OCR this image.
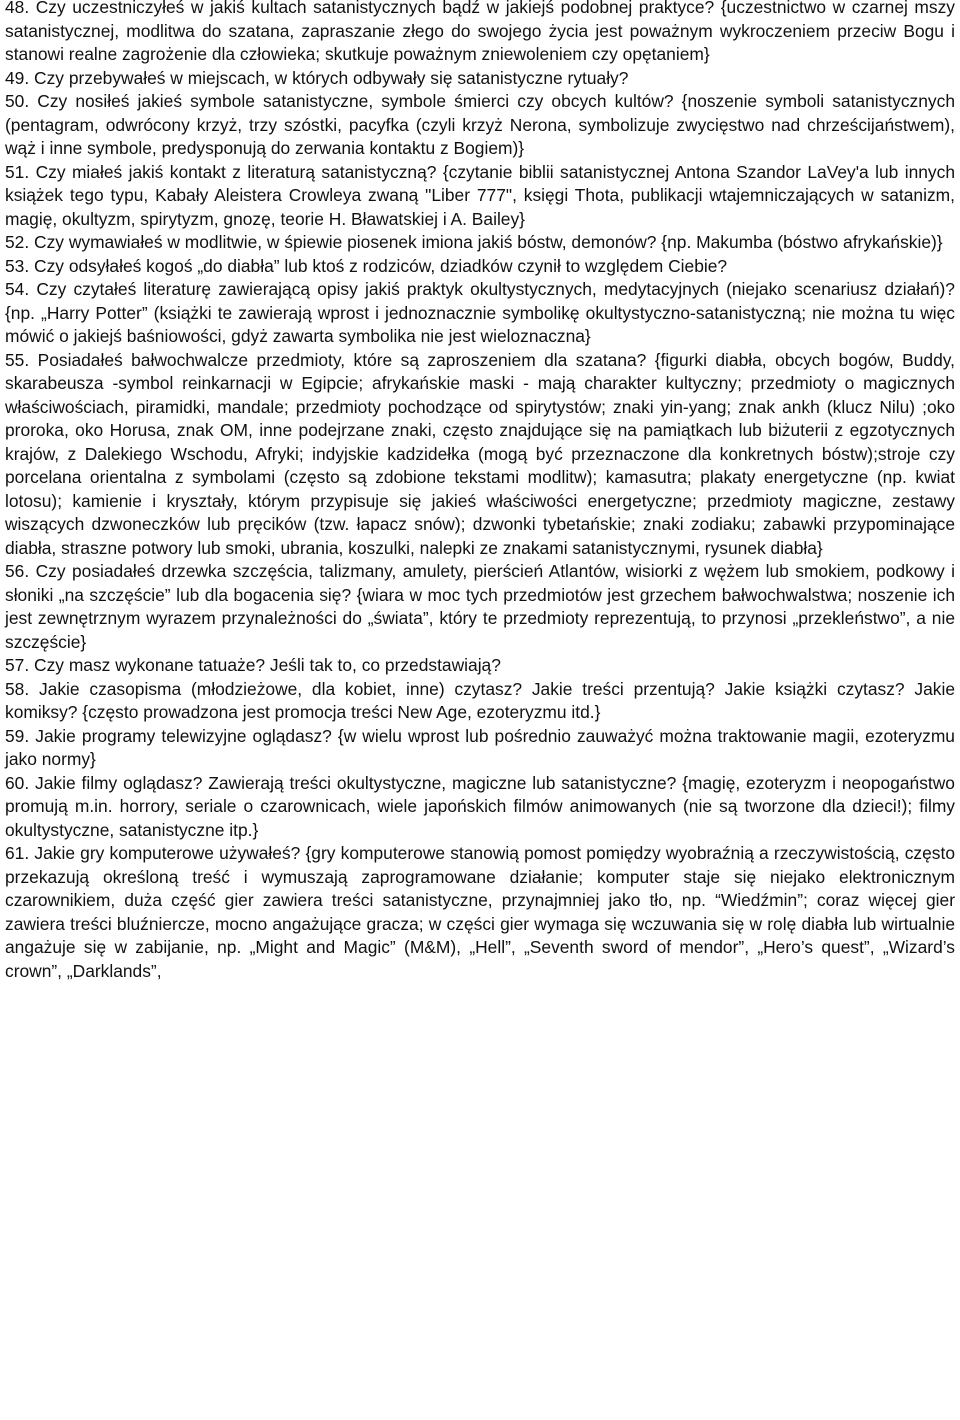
48. Czy uczestniczyłeś w jakiś kultach satanistycznych bądź w jakiejś podobnej praktyce? {uczestnictwo w czarnej mszy satanistycznej, modlitwa do szatana, zapraszanie złego do swojego życia jest poważnym wykroczeniem przeciw Bogu i stanowi realne zagrożenie dla człowieka; skutkuje poważnym zniewoleniem czy opętaniem}

49. Czy przebywałeś w miejscach, w których odbywały się satanistyczne rytuały?

50. Czy nosiłeś jakieś symbole satanistyczne, symbole śmierci czy obcych kultów? {noszenie symboli satanistycznych (pentagram, odwrócony krzyż, trzy szóstki, pacyfka (czyli krzyż Nerona, symbolizuje zwycięstwo nad chrześcijaństwem), wąż i inne symbole, predysponują do zerwania kontaktu z Bogiem)}

51. Czy miałeś jakiś kontakt z literaturą satanistyczną? {czytanie biblii satanistycznej Antona Szandor LaVey'a lub innych książek tego typu, Kabały Aleistera Crowleya zwaną "Liber 777", księgi Thota, publikacji wtajemniczających w satanizm, magię, okultyzm, spirytyzm, gnozę, teorie H. Bławatskiej i A. Bailey}

52. Czy wymawiałeś w modlitwie, w śpiewie piosenek imiona jakiś bóstw, demonów? {np. Makumba (bóstwo afrykańskie)}

53. Czy odsyłałeś kogoś „do diabła” lub ktoś z rodziców, dziadków czynił to względem Ciebie?

54. Czy czytałeś literaturę zawierającą opisy jakiś praktyk okultystycznych, medytacyjnych (niejako scenariusz działań)? {np. „Harry Potter” (książki te zawierają wprost i jednoznacznie symbolikę okultystyczno-satanistyczną; nie można tu więc mówić o jakiejś baśniowości, gdyż zawarta symbolika nie jest wieloznaczna}

55. Posiadałeś bałwochwalcze przedmioty, które są zaproszeniem dla szatana? {figurki diabła, obcych bogów, Buddy, skarabeusza -symbol reinkarnacji w Egipcie; afrykańskie maski - mają charakter kultyczny; przedmioty o magicznych właściwościach, piramidki, mandale; przedmioty pochodzące od spirytystów; znaki yin-yang; znak ankh (klucz Nilu) ;oko proroka, oko Horusa, znak OM, inne podejrzane znaki, często znajdujące się na pamiątkach lub biżuterii z egzotycznych krajów, z Dalekiego Wschodu, Afryki; indyjskie kadzidełka (mogą być przeznaczone dla konkretnych bóstw);stroje czy porcelana orientalna z symbolami (często są zdobione tekstami modlitw); kamasutra; plakaty energetyczne (np. kwiat lotosu); kamienie i kryształy, którym przypisuje się jakieś właściwości energetyczne; przedmioty magiczne, zestawy wiszących dzwoneczków lub pręcików (tzw. łapacz snów); dzwonki tybetańskie; znaki zodiaku; zabawki przypominające diabła, straszne potwory lub smoki, ubrania, koszulki, nalepki ze znakami satanistycznymi, rysunek diabła}

56. Czy posiadałeś drzewka szczęścia, talizmany, amulety, pierścień Atlantów, wisiorki z wężem lub smokiem, podkowy i słoniki „na szczęście” lub dla bogacenia się? {wiara w moc tych przedmiotów jest grzechem bałwochwalstwa; noszenie ich jest zewnętrznym wyrazem przynależności do „świata”, który te przedmioty reprezentują, to przynosi „przekleństwo”, a nie szczęście}

57. Czy masz wykonane tatuaże? Jeśli tak to, co przedstawiają?

58. Jakie czasopisma (młodzieżowe, dla kobiet, inne) czytasz? Jakie treści przentują? Jakie książki czytasz? Jakie komiksy? {często prowadzona jest promocja treści New Age, ezoteryzmu itd.}

59. Jakie programy telewizyjne oglądasz? {w wielu wprost lub pośrednio zauważyć można traktowanie magii, ezoteryzmu jako normy}

60. Jakie filmy oglądasz? Zawierają treści okultystyczne, magiczne lub satanistyczne? {magię, ezoteryzm i neopogaństwo promują m.in. horrory, seriale o czarownicach, wiele japońskich filmów animowanych (nie są tworzone dla dzieci!); filmy okultystyczne, satanistyczne itp.}

61. Jakie gry komputerowe używałeś? {gry komputerowe stanowią pomost pomiędzy wyobraźnią a rzeczywistością, często przekazują określoną treść i wymuszają zaprogramowane działanie; komputer staje się niejako elektronicznym czarownikiem, duża część gier zawiera treści satanistyczne, przynajmniej jako tło, np. “Wiedźmin”; coraz więcej gier zawiera treści bluźniercze, mocno angażujące gracza; w części gier wymaga się wczuwania się w rolę diabła lub wirtualnie angażuje się w zabijanie, np. „Might and Magic” (M&M), „Hell”, „Seventh sword of mendor”, „Hero’s quest”, „Wizard’s crown”, „Darklands”,
